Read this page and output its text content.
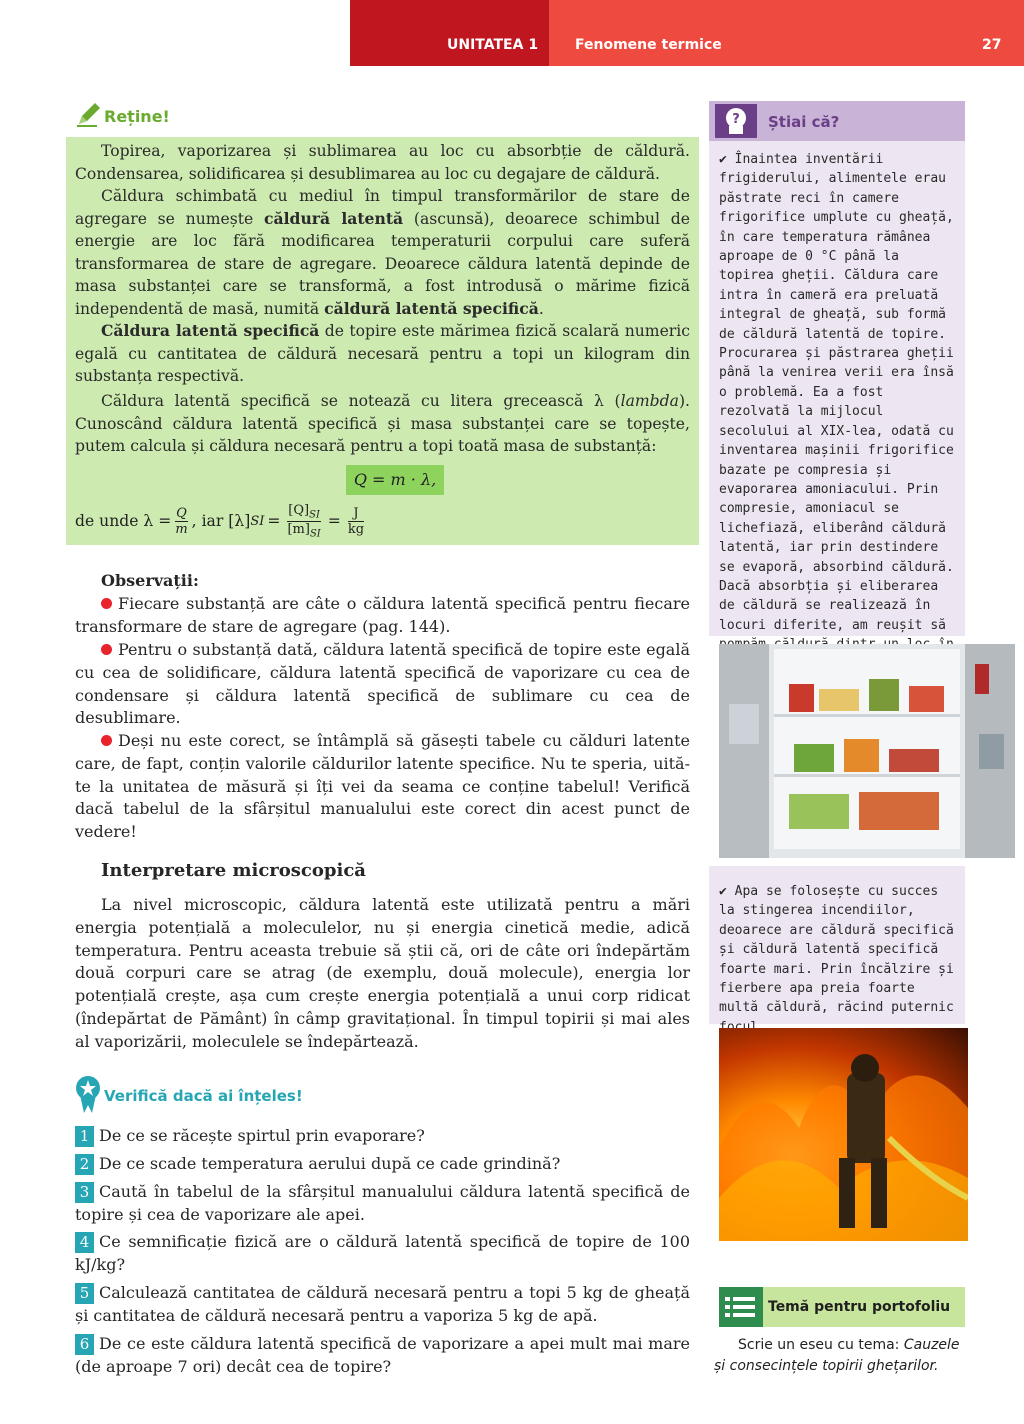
UNITATEA 1	Fenomene termice	27
Reține!
Topirea, vaporizarea și sublimarea au loc cu absorbție de căldură. Condensarea, solidificarea și desublimarea au loc cu degajare de căldură.
Căldura schimbată cu mediul în timpul transformărilor de stare de agregare se numește căldură latentă (ascunsă), deoarece schimbul de energie are loc fără modificarea temperaturii corpului care suferă transformarea de stare de agregare. Deoarece căldura latentă depinde de masa substanței care se transformă, a fost introdusă o mărime fizică independentă de masă, numită căldură latentă specifică.
Căldura latentă specifică de topire este mărimea fizică scalară numeric egală cu cantitatea de căldură necesară pentru a topi un kilogram din substanța respectivă.
Căldura latentă specifică se notează cu litera grecească λ (lambda). Cunoscând căldura latentă specifică și masa substanței care se topește, putem calcula și căldura necesară pentru a topi toată masa de substanță:
Q = m · λ,
de unde $\lambda = \frac{Q}{m}$ , iar [λ] SI = $\frac{[Q]_{SI}}{[m]_{SI}} = \frac{J}{kg}$
Observații:
Fiecare substanță are câte o căldura latentă specifică pentru fiecare transformare de stare de agregare (pag. 144).
Pentru o substanță dată, căldura latentă specifică de topire este egală cu cea de solidificare, căldura latentă specifică de vaporizare cu cea de condensare și căldura latentă specifică de sublimare cu cea de desublimare.
Deși nu este corect, se întâmplă să găsești tabele cu călduri latente care, de fapt, conțin valorile căldurilor latente specifice. Nu te speria, uită-te la unitatea de măsură și îți vei da seama ce conține tabelul! Verifică dacă tabelul de la sfârșitul manualului este corect din acest punct de vedere!
Interpretare microscopică
La nivel microscopic, căldura latentă este utilizată pentru a mări energia potențială a moleculelor, nu și energia cinetică medie, adică temperatura. Pentru aceasta trebuie să știi că, ori de câte ori îndepărtăm două corpuri care se atrag (de exemplu, două molecule), energia lor potențială crește, așa cum crește energia potențială a unui corp ridicat (îndepărtat de Pământ) în câmp gravitațional. În timpul topirii și mai ales al vaporizării, moleculele se îndepărtează.
Verifică dacă ai înțeles!
1 De ce se răcește spirtul prin evaporare?
2 De ce scade temperatura aerului după ce cade grindină?
3 Caută în tabelul de la sfârșitul manualului căldura latentă specifică de topire și cea de vaporizare ale apei.
4 Ce semnificație fizică are o căldură latentă specifică de topire de 100 kJ/kg?
5 Calculează cantitatea de căldură necesară pentru a topi 5 kg de gheață și cantitatea de căldură necesară pentru a vaporiza 5 kg de apă.
6 De ce este căldura latentă specifică de vaporizare a apei mult mai mare (de aproape 7 ori) decât cea de topire?
? Știai că?
✔ Înaintea inventării frigiderului, alimentele erau păstrate reci în camere frigorifice umplute cu gheață, în care temperatura rămânea aproape de 0 °C până la topirea gheții. Căldura care intra în cameră era preluată integral de gheață, sub formă de căldură latentă de topire. Procurarea și păstrarea gheții până la venirea verii era însă o problemă. Ea a fost rezolvată la mijlocul secolului al XIX-lea, odată cu inventarea mașinii frigorifice bazate pe compresia și evaporarea amoniacului. Prin compresie, amoniacul se lichefiază, eliberând căldură latentă, iar prin destindere se evaporă, absorbind căldură. Dacă absorbția și eliberarea de căldură se realizează în locuri diferite, am reușit să
✔ Apa se folosește cu succes la stingerea incendiilor, deoarece are căldură specifică și căldură latentă specifică foarte mari. Prin încălzire și fierbere apa preia foarte multă căldură, răcind puternic
Temă pentru portofoliu
Scrie un eseu cu tema: Cauzele și consecințele topirii ghețarilor.
